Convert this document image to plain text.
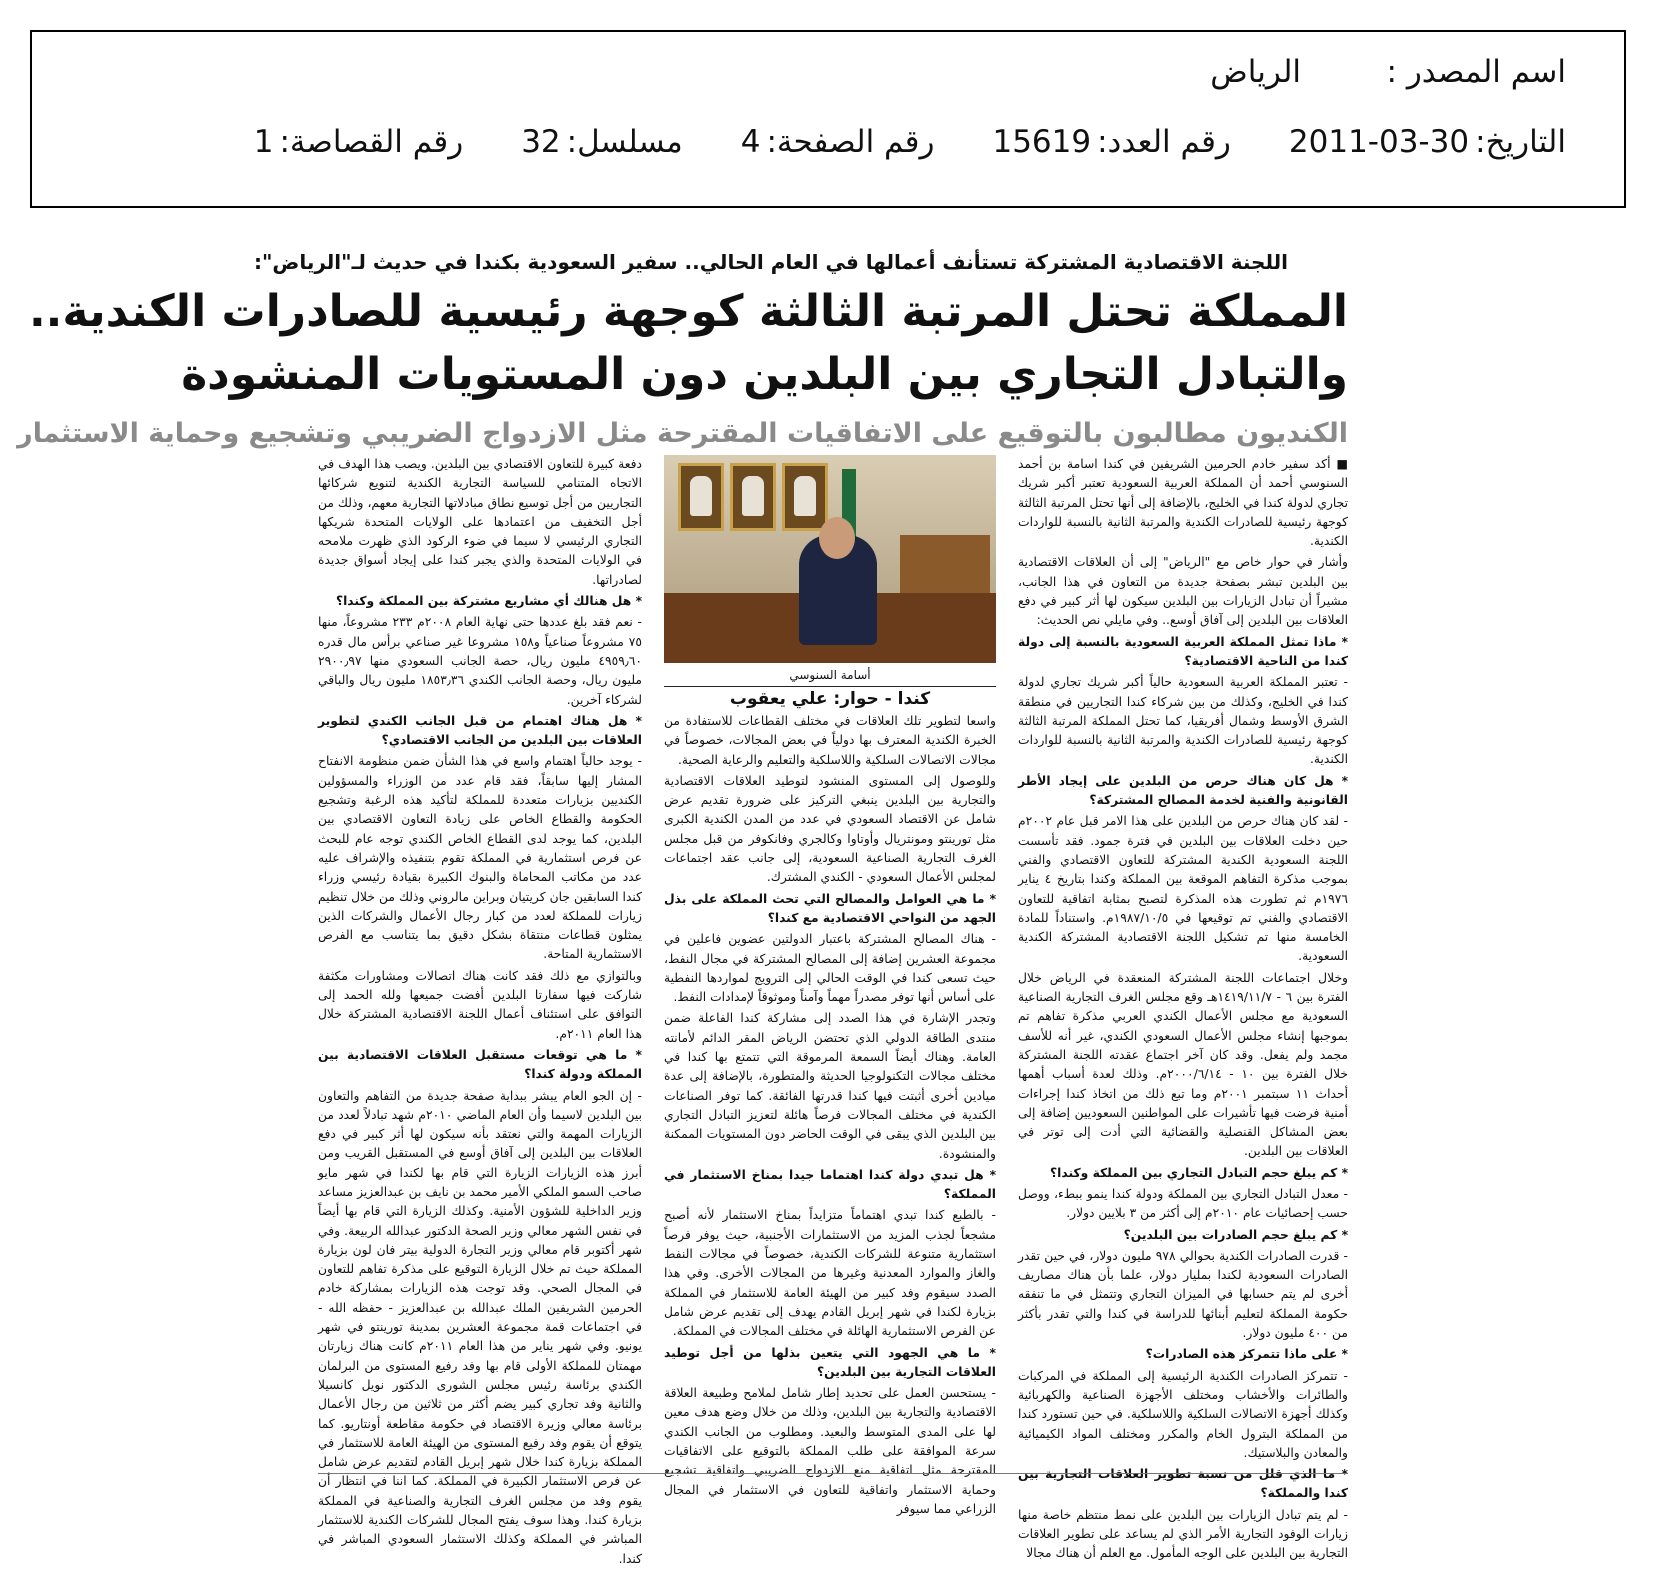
اسم المصدر :
الرياض
التاريخ:
2011-03-30
رقم العدد:
15619
رقم الصفحة:
4
مسلسل:
32
رقم القصاصة:
1
اللجنة الاقتصادية المشتركة تستأنف أعمالها في العام الحالي.. سفير السعودية بكندا في حديث لـ"الرياض":
المملكة تحتل المرتبة الثالثة كوجهة رئيسية للصادرات الكندية..
والتبادل التجاري بين البلدين دون المستويات المنشودة
الكنديون مطالبون بالتوقيع على الاتفاقيات المقترحة مثل الازدواج الضريبي وتشجيع وحماية الاستثمار

■ أكد سفير خادم الحرمين الشريفين في كندا اسامة بن أحمد السنوسي أحمد أن المملكة العربية السعودية تعتبر أكبر شريك تجاري لدولة كندا في الخليج، بالإضافة إلى أنها تحتل المرتبة الثالثة كوجهة رئيسية للصادرات الكندية والمرتبة الثانية بالنسبة للواردات الكندية.

وأشار في حوار خاص مع "الرياض" إلى أن العلاقات الاقتصادية بين البلدين تبشر بصفحة جديدة من التعاون في هذا الجانب، مشيراً أن تبادل الزيارات بين البلدين سيكون لها أثر كبير في دفع العلاقات بين البلدين إلى آفاق أوسع.. وفي مايلي نص الحديث:

* ماذا تمثل المملكة العربية السعودية بالنسبة إلى دولة كندا من الناحية الاقتصادية؟

- تعتبر المملكة العربية السعودية حالياً أكبر شريك تجاري لدولة كندا في الخليج، وكذلك من بين شركاء كندا التجاريين في منطقة الشرق الأوسط وشمال أفريقيا، كما تحتل المملكة المرتبة الثالثة كوجهة رئيسية للصادرات الكندية والمرتبة الثانية بالنسبة للواردات الكندية.

* هل كان هناك حرص من البلدين على إيجاد الأطر القانونية والفنية لخدمة المصالح المشتركة؟

- لقد كان هناك حرص من البلدين على هذا الامر قبل عام ٢٠٠٢م حين دخلت العلاقات بين البلدين في فترة جمود. فقد تأسست اللجنة السعودية الكندية المشتركة للتعاون الاقتصادي والفني بموجب مذكرة التفاهم الموقعة بين المملكة وكندا بتاريخ ٤ يناير ١٩٧٦م ثم تطورت هذه المذكرة لتصبح بمثابة اتفاقية للتعاون الاقتصادي والفني تم توقيعها في ١٩٨٧/١٠/٥م. واستناداً للمادة الخامسة منها تم تشكيل اللجنة الاقتصادية المشتركة الكندية السعودية.

وخلال اجتماعات اللجنة المشتركة المنعقدة في الرياض خلال الفترة بين ٦ - ١٤١٩/١١/٧هـ وقع مجلس الغرف التجارية الصناعية السعودية مع مجلس الأعمال الكندي العربي مذكرة تفاهم تم بموجبها إنشاء مجلس الأعمال السعودي الكندي، غير أنه للأسف مجمد ولم يفعل. وقد كان آخر اجتماع عقدته اللجنة المشتركة خلال الفترة بين ١٠ - ٢٠٠٠/٦/١٤م. وذلك لعدة أسباب أهمها أحداث ١١ سبتمبر ٢٠٠١م وما تبع ذلك من اتخاذ كندا إجراءات أمنية فرضت فيها تأشيرات على المواطنين السعوديين إضافة إلى بعض المشاكل القنصلية والقضائية التي أدت إلى توتر في العلاقات بين البلدين.

* كم يبلغ حجم التبادل التجاري بين المملكة وكندا؟

- معدل التبادل التجاري بين المملكة ودولة كندا ينمو ببطء، ووصل حسب إحصائيات عام ٢٠١٠م إلى أكثر من ٣ بلايين دولار.

* كم يبلغ حجم الصادرات بين البلدين؟

- قدرت الصادرات الكندية بحوالي ٩٧٨ مليون دولار، في حين تقدر الصادرات السعودية لكندا بمليار دولار، علما بأن هناك مصاريف أخرى لم يتم حسابها في الميزان التجاري وتتمثل في ما تنفقه حكومة المملكة لتعليم أبنائها للدراسة في كندا والتي تقدر بأكثر من ٤٠٠ مليون دولار.

* على ماذا تتمركز هذه الصادرات؟

- تتمركز الصادرات الكندية الرئيسية إلى المملكة في المركبات والطائرات والأخشاب ومختلف الأجهزة الصناعية والكهربائية وكذلك أجهزة الاتصالات السلكية واللاسلكية. في حين تستورد كندا من المملكة البترول الخام والمكرر ومختلف المواد الكيميائية والمعادن والبلاستيك.

* ما الذي قلل من نسبة تطوير العلاقات التجارية بين كندا والمملكة؟

- لم يتم تبادل الزيارات بين البلدين على نمط منتظم خاصة منها زيارات الوفود التجارية الأمر الذي لم يساعد على تطوير العلاقات التجارية بين البلدين على الوجه المأمول. مع العلم أن هناك مجالا

أسامة السنوسي
كندا - حوار: علي يعقوب

واسعا لتطوير تلك العلاقات في مختلف القطاعات للاستفادة من الخبرة الكندية المعترف بها دولياً في بعض المجالات، خصوصاً في مجالات الاتصالات السلكية واللاسلكية والتعليم والرعاية الصحية.

وللوصول إلى المستوى المنشود لتوطيد العلاقات الاقتصادية والتجارية بين البلدين ينبغي التركيز على ضرورة تقديم عرض شامل عن الاقتصاد السعودي في عدد من المدن الكندية الكبرى مثل تورينتو ومونتريال وأوتاوا وكالجري وفانكوفر من قبل مجلس الغرف التجارية الصناعية السعودية، إلى جانب عقد اجتماعات لمجلس الأعمال السعودي - الكندي المشترك.

* ما هي العوامل والمصالح التي تحث المملكة على بذل الجهد من النواحي الاقتصادية مع كندا؟

- هناك المصالح المشتركة باعتبار الدولتين عضوين فاعلين في مجموعة العشرين إضافة إلى المصالح المشتركة في مجال النفط، حيث تسعى كندا في الوقت الحالي إلى الترويج لمواردها النفطية على أساس أنها توفر مصدراً مهماً وآمناً وموثوقاً لإمدادات النفط.

وتجدر الإشارة في هذا الصدد إلى مشاركة كندا الفاعلة ضمن منتدى الطاقة الدولي الذي تحتضن الرياض المقر الدائم لأمانته العامة. وهناك أيضاً السمعة المرموقة التي تتمتع بها كندا في مختلف مجالات التكنولوجيا الحديثة والمتطورة، بالإضافة إلى عدة ميادين أخرى أثبتت فيها كندا قدرتها الفائقة. كما توفر الصناعات الكندية في مختلف المجالات فرصاً هائلة لتعزيز التبادل التجاري بين البلدين الذي يبقى في الوقت الحاضر دون المستويات الممكنة والمنشودة.

* هل تبدي دولة كندا اهتماما جيدا بمناخ الاستثمار في المملكة؟

- بالطبع كندا تبدي اهتماماً متزايداً بمناخ الاستثمار لأنه أصبح مشجعاً لجذب المزيد من الاستثمارات الأجنبية، حيث يوفر فرصاً استثمارية متنوعة للشركات الكندية، خصوصاً في مجالات النفط والغاز والموارد المعدنية وغيرها من المجالات الأخرى. وفي هذا الصدد سيقوم وفد كبير من الهيئة العامة للاستثمار في المملكة بزيارة لكندا في شهر إبريل القادم يهدف إلى تقديم عرض شامل عن الفرص الاستثمارية الهائلة في مختلف المجالات في المملكة.

* ما هي الجهود التي يتعين بذلها من أجل توطيد العلاقات التجارية بين البلدين؟

- يستحسن العمل على تحديد إطار شامل لملامح وطبيعة العلاقة الاقتصادية والتجارية بين البلدين، وذلك من خلال وضع هدف معين لها على المدى المتوسط والبعيد. ومطلوب من الجانب الكندي سرعة الموافقة على طلب المملكة بالتوقيع على الاتفاقيات المقترحة مثل اتفاقية منع الازدواج الضريبي واتفاقية تشجيع وحماية الاستثمار واتفاقية للتعاون في الاستثمار في المجال الزراعي مما سيوفر

دفعة كبيرة للتعاون الاقتصادي بين البلدين. ويصب هذا الهدف في الاتجاه المتنامي للسياسة التجارية الكندية لتنويع شركائها التجاريين من أجل توسيع نطاق مبادلاتها التجارية معهم، وذلك من أجل التخفيف من اعتمادها على الولايات المتحدة شريكها التجاري الرئيسي لا سيما في ضوء الركود الذي ظهرت ملامحه في الولايات المتحدة والذي يجبر كندا على إيجاد أسواق جديدة لصادراتها.

* هل هنالك أي مشاريع مشتركة بين المملكة وكندا؟

- نعم فقد بلغ عددها حتى نهاية العام ٢٠٠٨م ٢٣٣ مشروعاً، منها ٧٥ مشروعاً صناعياً و١٥٨ مشروعا غير صناعي برأس مال قدره ٤٩٥٩٫٦٠ مليون ريال، حصة الجانب السعودي منها ٢٩٠٠٫٩٧ مليون ريال، وحصة الجانب الكندي ١٨٥٣٫٣٦ مليون ريال والباقي لشركاء آخرين.

* هل هناك اهتمام من قبل الجانب الكندي لتطوير العلاقات بين البلدين من الجانب الاقتصادي؟

- يوجد حالياً اهتمام واسع في هذا الشأن ضمن منظومة الانفتاح المشار إليها سابقاً، فقد قام عدد من الوزراء والمسؤولين الكنديين بزيارات متعددة للمملكة لتأكيد هذه الرغبة وتشجيع الحكومة والقطاع الخاص على زيادة التعاون الاقتصادي بين البلدين، كما يوجد لدى القطاع الخاص الكندي توجه عام للبحث عن فرص استثمارية في المملكة تقوم بتنفيذه والإشراف عليه عدد من مكاتب المحاماة والبنوك الكبيرة بقيادة رئيسي وزراء كندا السابقين جان كريتيان وبراين مالروني وذلك من خلال تنظيم زيارات للمملكة لعدد من كبار رجال الأعمال والشركات الذين يمثلون قطاعات منتقاة بشكل دقيق بما يتناسب مع الفرص الاستثمارية المتاحة.

وبالتوازي مع ذلك فقد كانت هناك اتصالات ومشاورات مكثفة شاركت فيها سفارتا البلدين أفضت جميعها ولله الحمد إلى التوافق على استئناف أعمال اللجنة الاقتصادية المشتركة خلال هذا العام ٢٠١١م.

* ما هي توقعات مستقبل العلاقات الاقتصادية بين المملكة ودولة كندا؟

- إن الجو العام يبشر ببداية صفحة جديدة من التفاهم والتعاون بين البلدين لاسيما وأن العام الماضي ٢٠١٠م شهد تبادلاً لعدد من الزيارات المهمة والتي نعتقد بأنه سيكون لها أثر كبير في دفع العلاقات بين البلدين إلى آفاق أوسع في المستقبل القريب ومن أبرز هذه الزيارات الزيارة التي قام بها لكندا في شهر مايو صاحب السمو الملكي الأمير محمد بن نايف بن عبدالعزيز مساعد وزير الداخلية للشؤون الأمنية. وكذلك الزيارة التي قام بها أيضاً في نفس الشهر معالي وزير الصحة الدكتور عبدالله الربيعة. وفي شهر أكتوبر قام معالي وزير التجارة الدولية بيتر فان لون بزيارة المملكة حيث تم خلال الزيارة التوقيع على مذكرة تفاهم للتعاون في المجال الصحي. وقد توجت هذه الزيارات بمشاركة خادم الحرمين الشريفين الملك عبدالله بن عبدالعزيز - حفظه الله - في اجتماعات قمة مجموعة العشرين بمدينة تورينتو في شهر يونيو. وفي شهر يناير من هذا العام ٢٠١١م كانت هناك زيارتان مهمتان للمملكة الأولى قام بها وفد رفيع المستوى من البرلمان الكندي برئاسة رئيس مجلس الشورى الدكتور نويل كانسيلا والثانية وفد تجاري كبير يضم أكثر من ثلاثين من رجال الأعمال برئاسة معالي وزيرة الاقتصاد في حكومة مقاطعة أونتاريو. كما يتوقع أن يقوم وفد رفيع المستوى من الهيئة العامة للاستثمار في المملكة بزيارة كندا خلال شهر إبريل القادم لتقديم عرض شامل عن فرص الاستثمار الكبيرة في المملكة. كما اننا في انتظار أن يقوم وفد من مجلس الغرف التجارية والصناعية في المملكة بزيارة كندا. وهذا سوف يفتح المجال للشركات الكندية للاستثمار المباشر في المملكة وكذلك الاستثمار السعودي المباشر في كندا.
